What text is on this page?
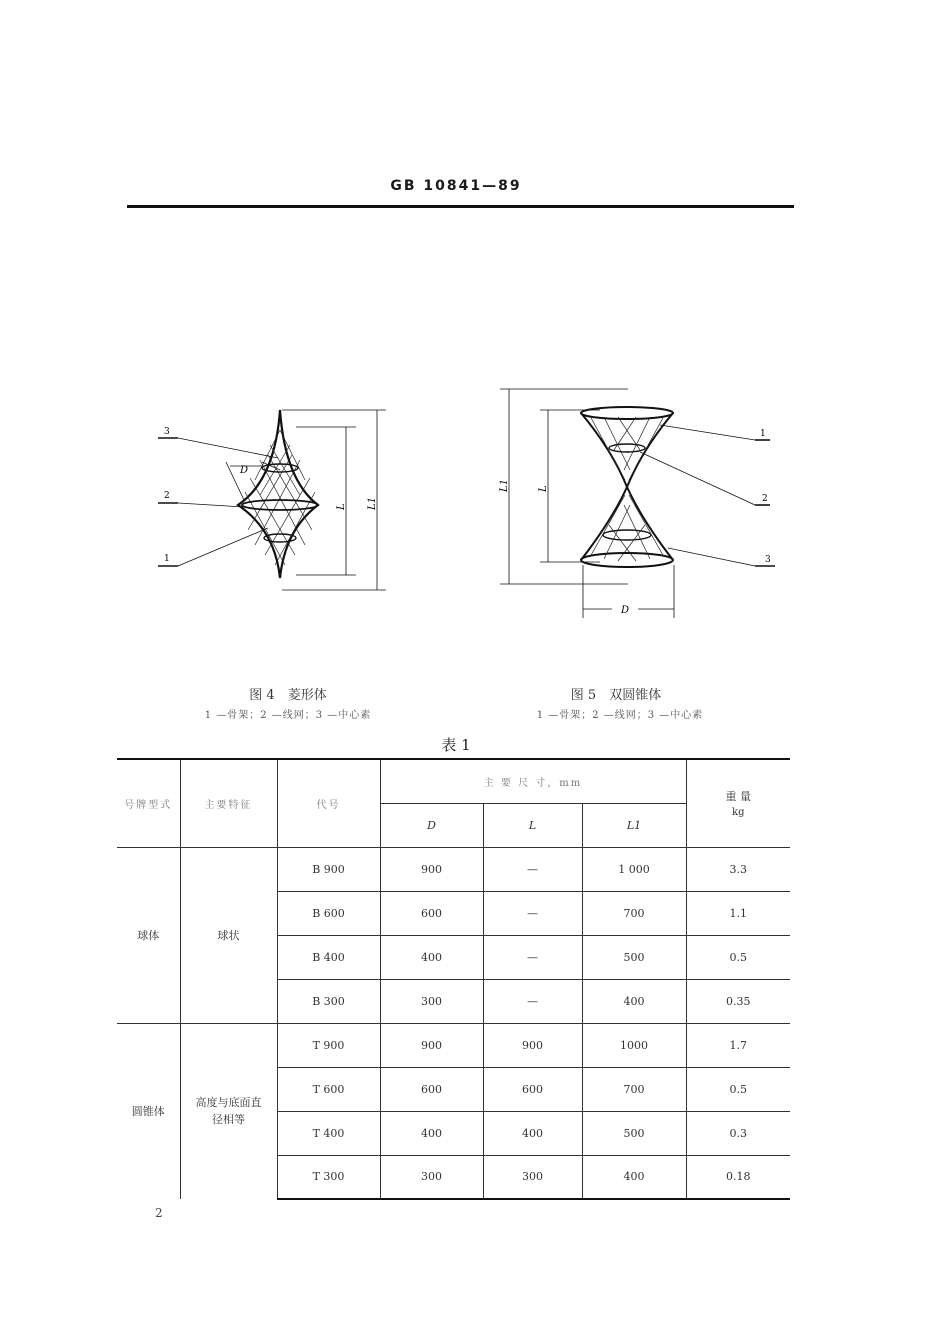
GB 10841—89
3
2
1
D
L L1
1
2
3
D
L
L1
图 4　菱形体
1 —骨架；2 —线网；3 —中心素
图 5　双圆锥体
1 —骨架；2 —线网；3 —中心素
表 1
号牌型式	主要特征	代号	主 要 尺 寸，mm			重 量
kg

			D	L	L1	
球体	球状	B 900	900	—	1 000	3.3
		B 600	600	—	700	1.1
		B 400	400	—	500	0.5
		B 300	300	—	400	0.35
圆锥体	高度与底面直径相等	T 900	900	900	1000	1.7
		T 600	600	600	700	0.5
		T 400	400	400	500	0.3
		T 300	300	300	400	0.18
2
